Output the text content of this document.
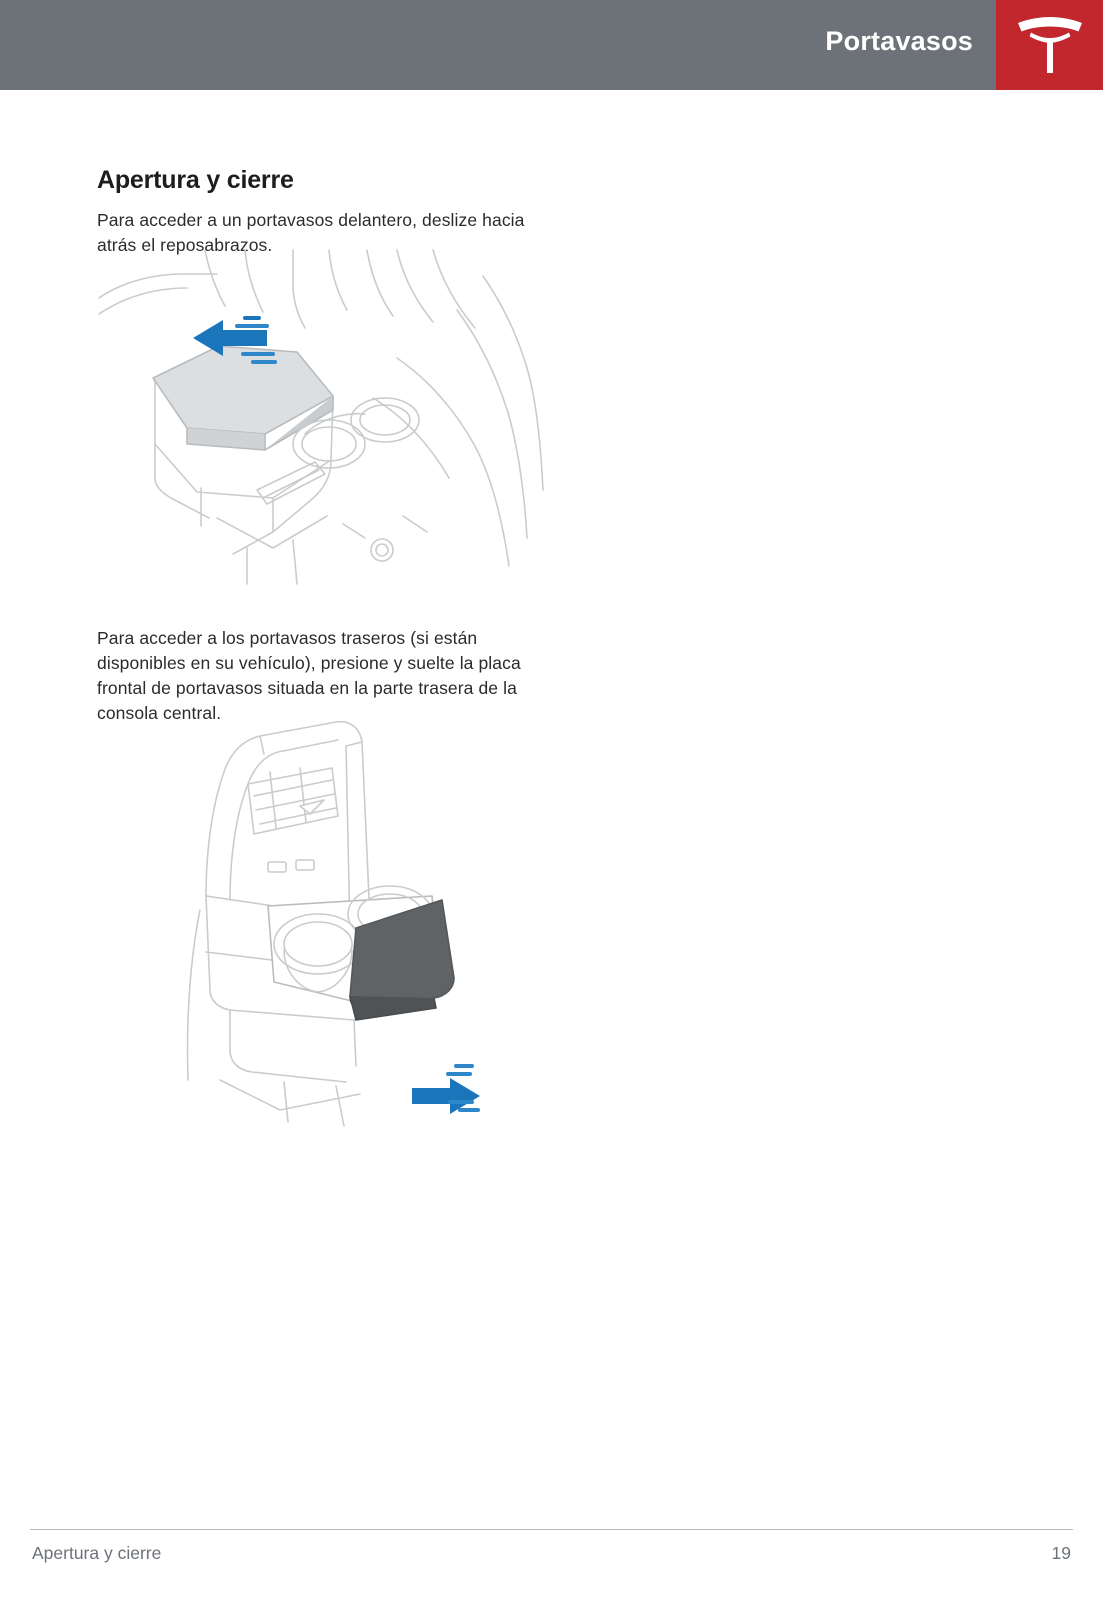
Portavasos
Apertura y cierre

Para acceder a un portavasos delantero, deslize hacia atrás el reposabrazos.

Para acceder a los portavasos traseros (si están disponibles en su vehículo), presione y suelte la placa frontal de portavasos situada en la parte trasera de la consola central.

Apertura y cierre	19
